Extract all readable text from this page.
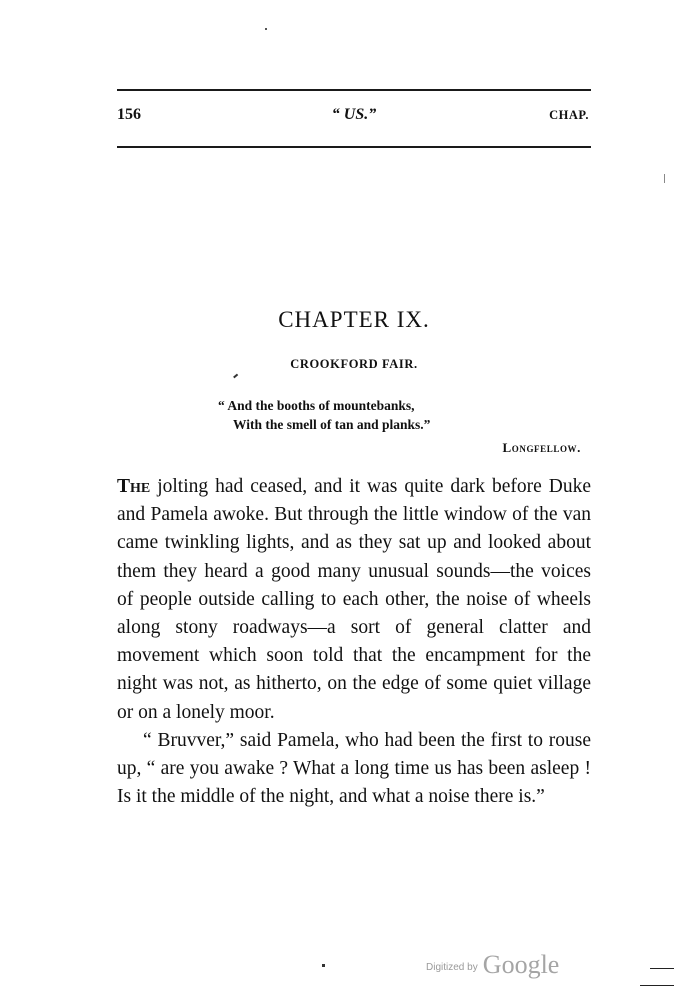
156	“ US.”	CHAP.
CHAPTER IX.
CROOKFORD FAIR.
“ And the booths of mountebanks,
With the smell of tan and planks.”
Longfellow.

The jolting had ceased, and it was quite dark before Duke and Pamela awoke. But through the little window of the van came twinkling lights, and as they sat up and looked about them they heard a good many unusual sounds—the voices of people outside calling to each other, the noise of wheels along stony roadways—a sort of general clatter and movement which soon told that the encampment for the night was not, as hitherto, on the edge of some quiet village or on a lonely moor.

“ Bruvver,” said Pamela, who had been the first to rouse up, “ are you awake ? What a long time us has been asleep ! Is it the middle of the night, and what a noise there is.”

Digitized by Google
